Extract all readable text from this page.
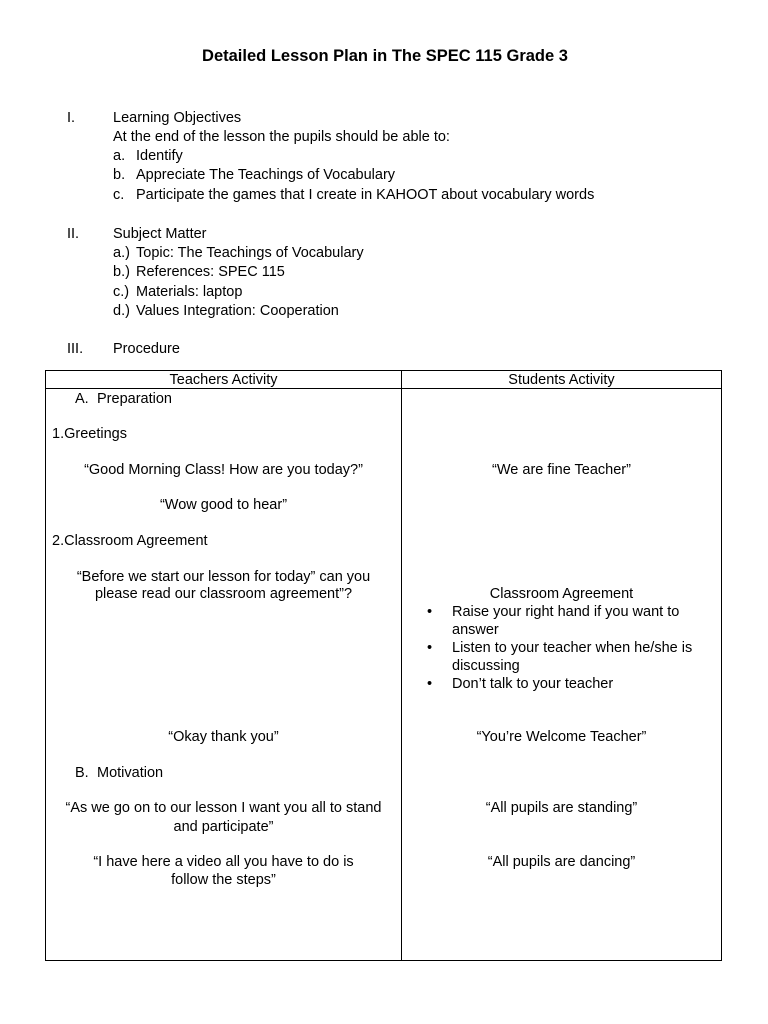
Detailed Lesson Plan in The SPEC 115 Grade 3
I.	Learning Objectives
At the end of the lesson the pupils should be able to:
a. Identify
b. Appreciate The Teachings of Vocabulary
c. Participate the games that I create in KAHOOT about vocabulary words
II. Subject Matter
a.) Topic: The Teachings of Vocabulary
b.) References: SPEC 115
c.) Materials: laptop
d.) Values Integration: Cooperation
III. Procedure
Teachers Activity	Students Activity
A. Preparation
1.Greetings
“Good Morning Class! How are you today?”
“Wow good to hear”
2.Classroom Agreement
“Before we start our lesson for today” can you
please read our classroom agreement”?
“Okay thank you”
B. Motivation
“As we go on to our lesson I want you all to stand
and participate”
“I have here a video all you have to do is
follow the steps”
“We are fine Teacher”
Classroom Agreement
• Raise your right hand if you want to answer
• Listen to your teacher when he/she is discussing
• Don’t talk to your teacher
“You’re Welcome Teacher”
“All pupils are standing”
“All pupils are dancing”
